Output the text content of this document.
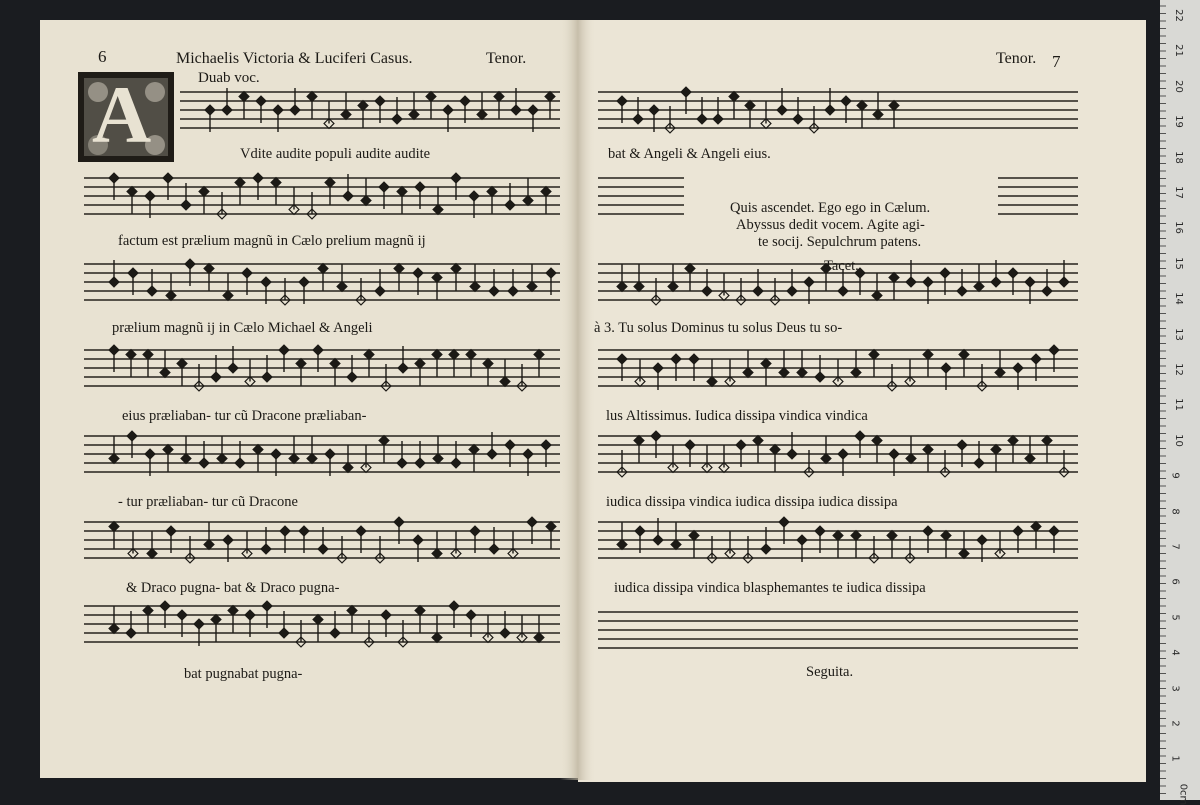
6	Michaelis Victoria & Luciferi Casus.	Tenor.
Duab voc.
A	Vdite audite populi audite audite
factum est prælium magnũ in Cælo prelium magnũ ij
prælium magnũ ij in Cælo Michael & Angeli
eius præliaban- tur cũ Dracone præliaban-
- tur præliaban- tur cũ Dracone
& Draco pugna- bat & Draco pugna-
bat pugnabat pugna-
Tenor. 7
bat & Angeli & Angeli eius.
Quis ascendet. Ego ego in Cælum.
Abyssus dedit vocem. Agite agi-
te socij. Sepulchrum patens.
Tacet.
à 3. Tu solus Dominus tu solus Deus tu so-
lus Altissimus. Iudica dissipa vindica vindica
iudica dissipa vindica iudica dissipa iudica dissipa
iudica dissipa vindica blasphemantes te iudica dissipa
Seguita.
22
21
20
19
18
17
16
15
14
13
12
11
10
9
8
7
6
5
4
3
2
1
0cm
